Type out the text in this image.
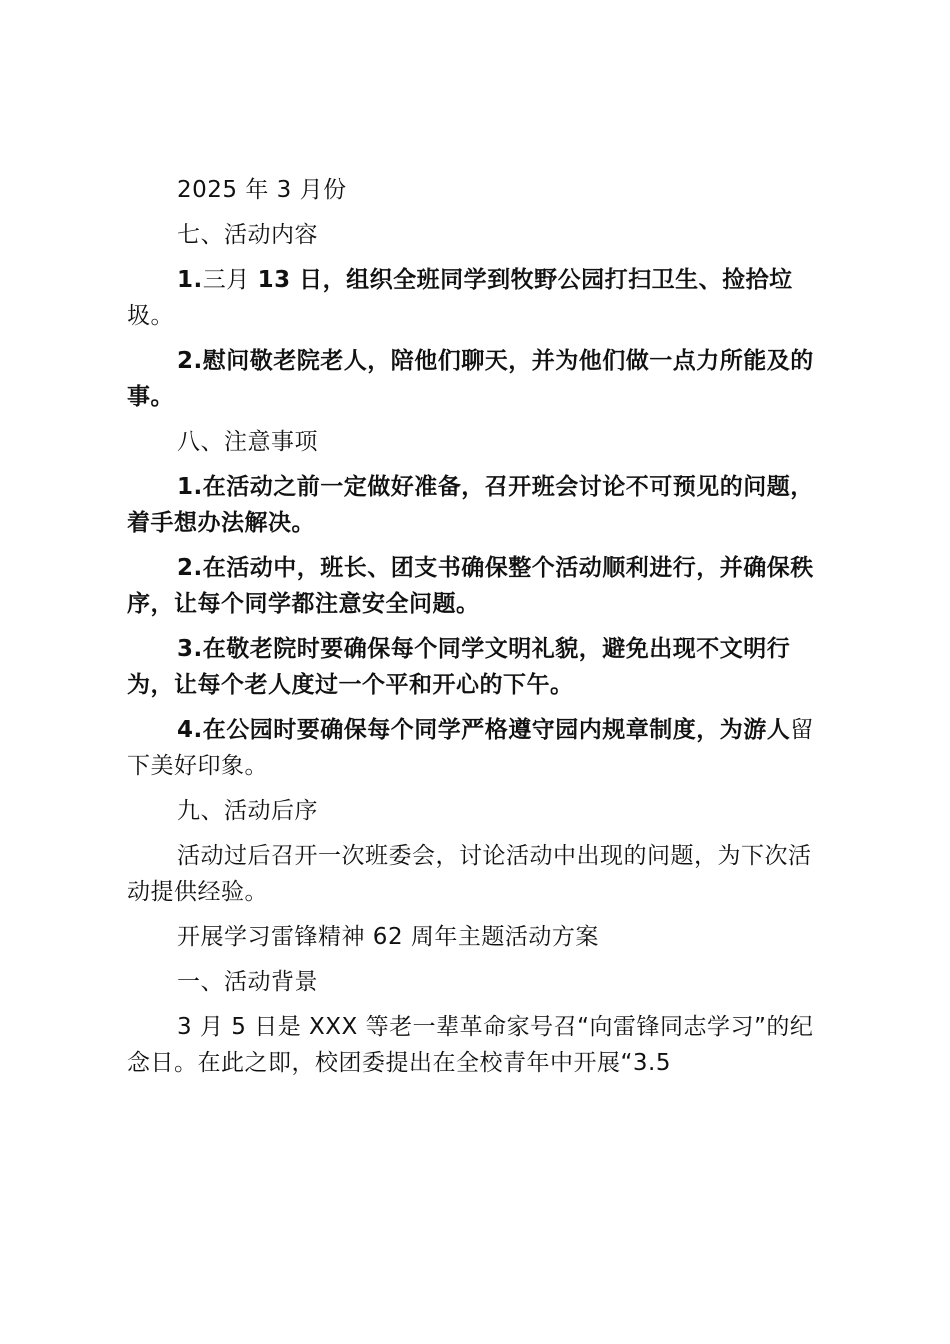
2025 年 3 月份

七、活动内容

1.三月 13 日，组织全班同学到牧野公园打扫卫生、捡拾垃圾。

2.慰问敬老院老人，陪他们聊天，并为他们做一点力所能及的事。

八、注意事项

1.在活动之前一定做好准备，召开班会讨论不可预见的问题，着手想办法解决。

2.在活动中，班长、团支书确保整个活动顺利进行，并确保秩序，让每个同学都注意安全问题。

3.在敬老院时要确保每个同学文明礼貌，避免出现不文明行为，让每个老人度过一个平和开心的下午。

4.在公园时要确保每个同学严格遵守园内规章制度，为游人留下美好印象。

九、活动后序

活动过后召开一次班委会，讨论活动中出现的问题，为下次活动提供经验。

开展学习雷锋精神 62 周年主题活动方案

一、活动背景

3 月 5 日是 XXX 等老一辈革命家号召“向雷锋同志学习”的纪念日。在此之即，校团委提出在全校青年中开展“3.5
